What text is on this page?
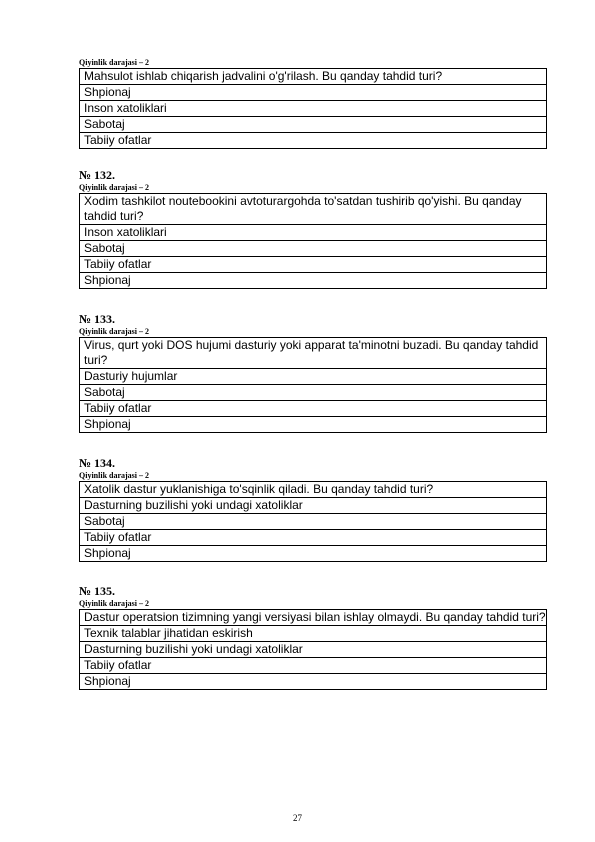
Qiyinlik darajasi – 2
Mahsulot ishlab chiqarish jadvalini o'g'rilash. Bu qanday tahdid turi?
Shpionaj
Inson xatoliklari
Sabotaj
Tabiiy ofatlar
№ 132.
Qiyinlik darajasi – 2
Xodim tashkilot noutebookini avtoturargohda to'satdan tushirib qo'yishi. Bu qanday tahdid turi?
Inson xatoliklari
Sabotaj
Tabiiy ofatlar
Shpionaj
№ 133.
Qiyinlik darajasi – 2
Virus, qurt yoki DOS hujumi dasturiy yoki apparat ta'minotni buzadi. Bu qanday tahdid turi?
Dasturiy hujumlar
Sabotaj
Tabiiy ofatlar
Shpionaj
№ 134.
Qiyinlik darajasi – 2
Xatolik dastur yuklanishiga to'sqinlik qiladi. Bu qanday tahdid turi?
Dasturning buzilishi yoki undagi xatoliklar
Sabotaj
Tabiiy ofatlar
Shpionaj
№ 135.
Qiyinlik darajasi – 2
Dastur operatsion tizimning yangi versiyasi bilan ishlay olmaydi. Bu qanday tahdid turi?
Texnik talablar jihatidan eskirish
Dasturning buzilishi yoki undagi xatoliklar
Tabiiy ofatlar
Shpionaj
27
